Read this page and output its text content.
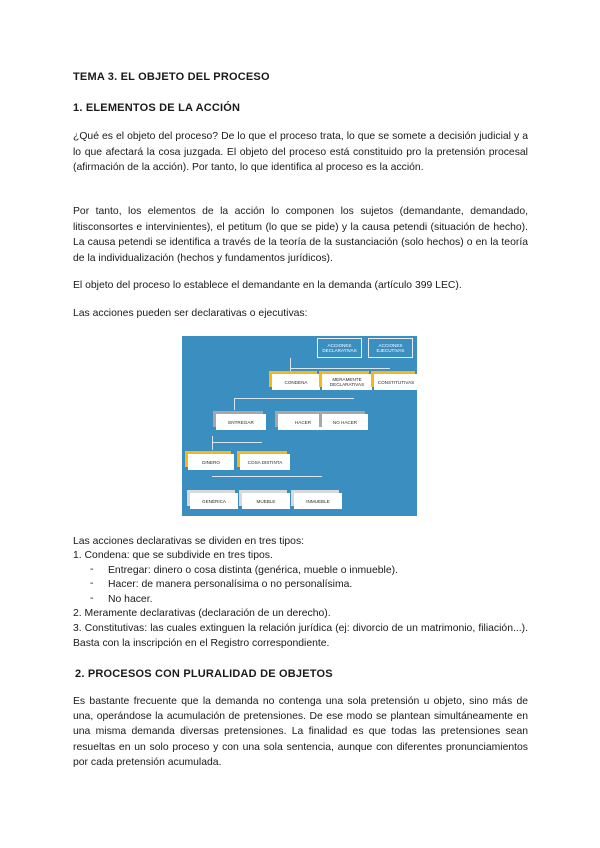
TEMA 3. EL OBJETO DEL PROCESO

1. ELEMENTOS DE LA ACCIÓN

¿Qué es el objeto del proceso? De lo que el proceso trata, lo que se somete a decisión judicial y a lo que afectará la cosa juzgada. El objeto del proceso está constituido pro la pretensión procesal (afirmación de la acción). Por tanto, lo que identifica al proceso es la acción.

Por tanto, los elementos de la acción lo componen los sujetos (demandante, demandado, litisconsortes e intervinientes), el petitum (lo que se pide) y la causa petendi (situación de hecho). La causa petendi se identifica a través de la teoría de la sustanciación (solo hechos) o en la teoría de la individualización (hechos y fundamentos jurídicos).

El objeto del proceso lo establece el demandante en la demanda (artículo 399 LEC).

Las acciones pueden ser declarativas o ejecutivas:

ACCIONES DECLARATIVAS
ACCIONES EJECUTIVAS
CONDENA	MERAMENTE DECLARATIVAS	CONSTITUTIVAS
ENTREGAR	HACER	NO HACER
DINERO	COSA DISTINTA
GENÉRICA	MUEBLE	INMUEBLE

Las acciones declarativas se dividen en tres tipos:

1. Condena: que se subdivide en tres tipos.

- Entregar: dinero o cosa distinta (genérica, mueble o inmueble).

- Hacer: de manera personalísima o no personalísima.

- No hacer.

2. Meramente declarativas (declaración de un derecho).

3. Constitutivas: las cuales extinguen la relación jurídica (ej: divorcio de un matrimonio, filiación...). Basta con la inscripción en el Registro correspondiente.

2. PROCESOS CON PLURALIDAD DE OBJETOS

Es bastante frecuente que la demanda no contenga una sola pretensión u objeto, sino más de una, operándose la acumulación de pretensiones. De ese modo se plantean simultáneamente en una misma demanda diversas pretensiones. La finalidad es que todas las pretensiones sean resueltas en un solo proceso y con una sola sentencia, aunque con diferentes pronunciamientos por cada pretensión acumulada.
